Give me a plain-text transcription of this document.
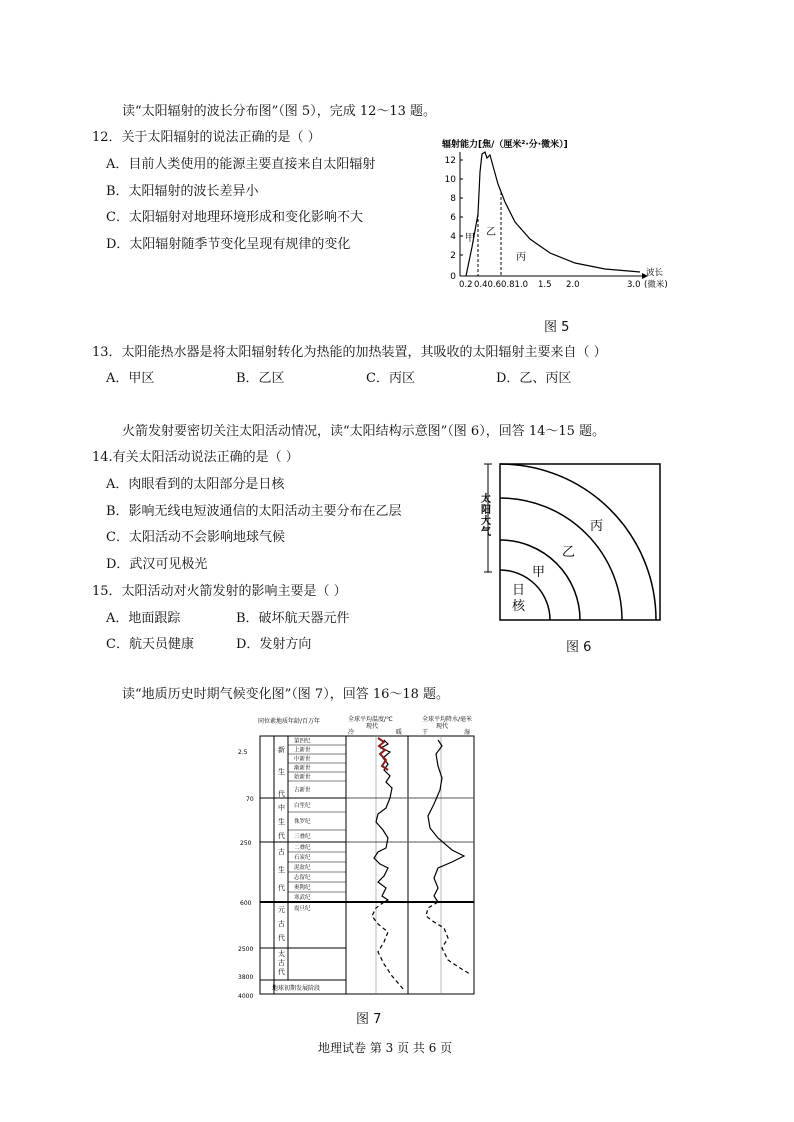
读“太阳辐射的波长分布图”（图 5），完成 12～13 题。
12．关于太阳辐射的说法正确的是（ ）
A．目前人类使用的能源主要直接来自太阳辐射
B．太阳辐射的波长差异小
C．太阳辐射对地理环境形成和变化影响不大
D．太阳辐射随季节变化呈现有规律的变化
辐射能力[焦/（厘米²·分·微米）]
12
10
8
6
4
2
0
甲
乙
丙
0.2 0.40.60.81.0 1.5 2.0	3.0
波长
(微米)
图 5
13．太阳能热水器是将太阳辐射转化为热能的加热装置，其吸收的太阳辐射主要来自（ ）
A．甲区	B．乙区	C．丙区	D．乙、丙区
火箭发射要密切关注太阳活动情况，读“太阳结构示意图”（图 6），回答 14～15 题。
14.有关太阳活动说法正确的是（ ）
A．肉眼看到的太阳部分是日核
B．影响无线电短波通信的太阳活动主要分布在乙层
C．太阳活动不会影响地球气候
D．武汉可见极光
15．太阳活动对火箭发射的影响主要是（ ）
A．地面跟踪	B．破坏航天器元件
C．航天员健康	D．发射方向
太阳大气	丙
乙
甲
日核
图 6
读“地质历史时期气候变化图”（图 7），回答 16～18 题。
同位素地质年龄/百万年	全球平均温度/℃
现代
冷	暖
全球平均降水/毫米
现代
干	湿
2.5
70
250
600
2500
3800
4000
新生代
中生代
古生代
元古代
太古代
第四纪
上新世
中新世
渐新世
始新世
古新世
白垩纪
侏罗纪
三叠纪
二叠纪
石炭纪
泥盆纪
志留纪
奥陶纪
寒武纪
震旦纪
地球初期发展阶段
图 7
地理试卷 第 3 页 共 6 页
